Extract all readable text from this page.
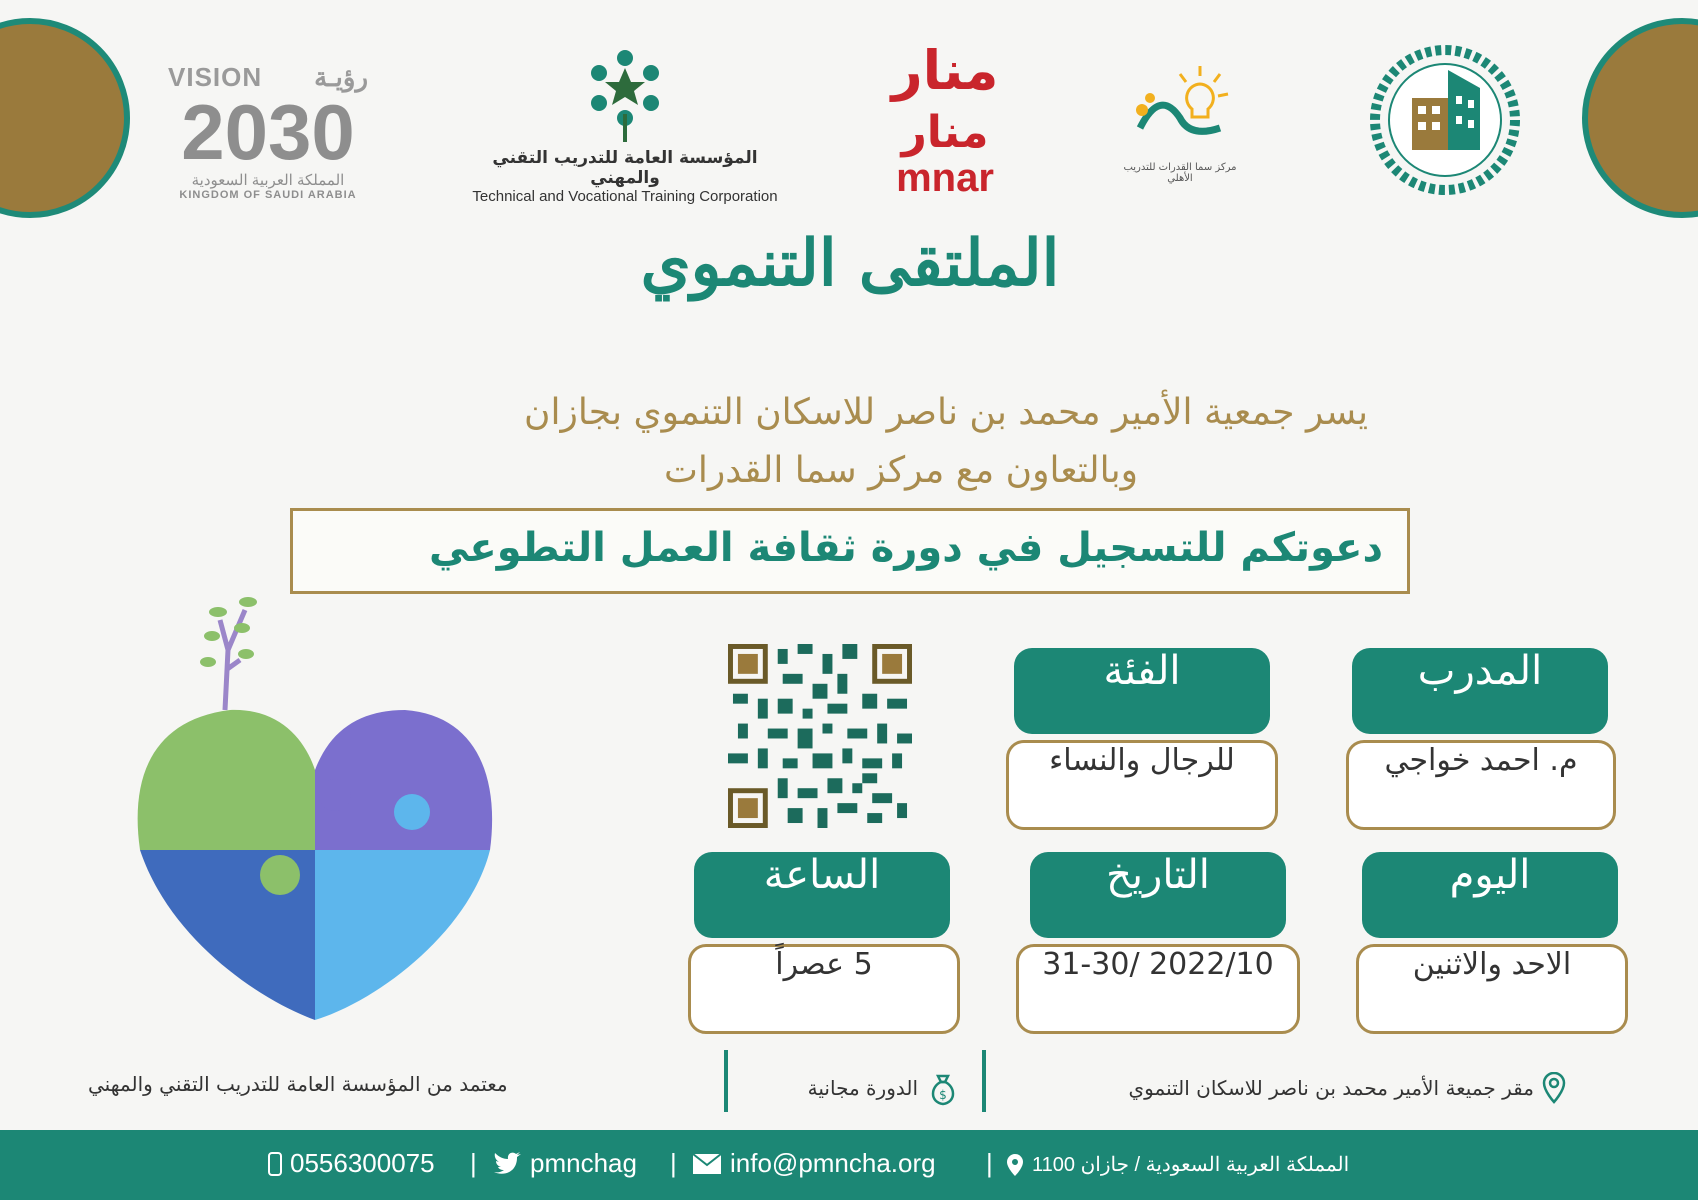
VISION رؤيـة
2030
المملكة العربية السعودية
KINGDOM OF SAUDI ARABIA
المؤسسة العامة للتدريب التقني والمهني
Technical and Vocational Training Corporation
منار
منار
mnar	مركز سما القدرات للتدريب الأهلي
الملتقى التنموي
يسر جمعية الأمير محمد بن ناصر للاسكان التنموي بجازان
وبالتعاون مع مركز سما القدرات
دعوتكم للتسجيل في دورة ثقافة العمل التطوعي
المدرب
م. احمد خواجي
الفئة
للرجال والنساء
اليوم
الاحد والاثنين
التاريخ
2022/10 /31-30
الساعة
5 عصراً
مقر جميعة الأمير محمد بن ناصر للاسكان التنموي
$
الدورة مجانية
معتمد من المؤسسة العامة للتدريب التقني والمهني
0556300075 | pmnchag | info@pmncha.org | المملكة العربية السعودية / جازان 1100
